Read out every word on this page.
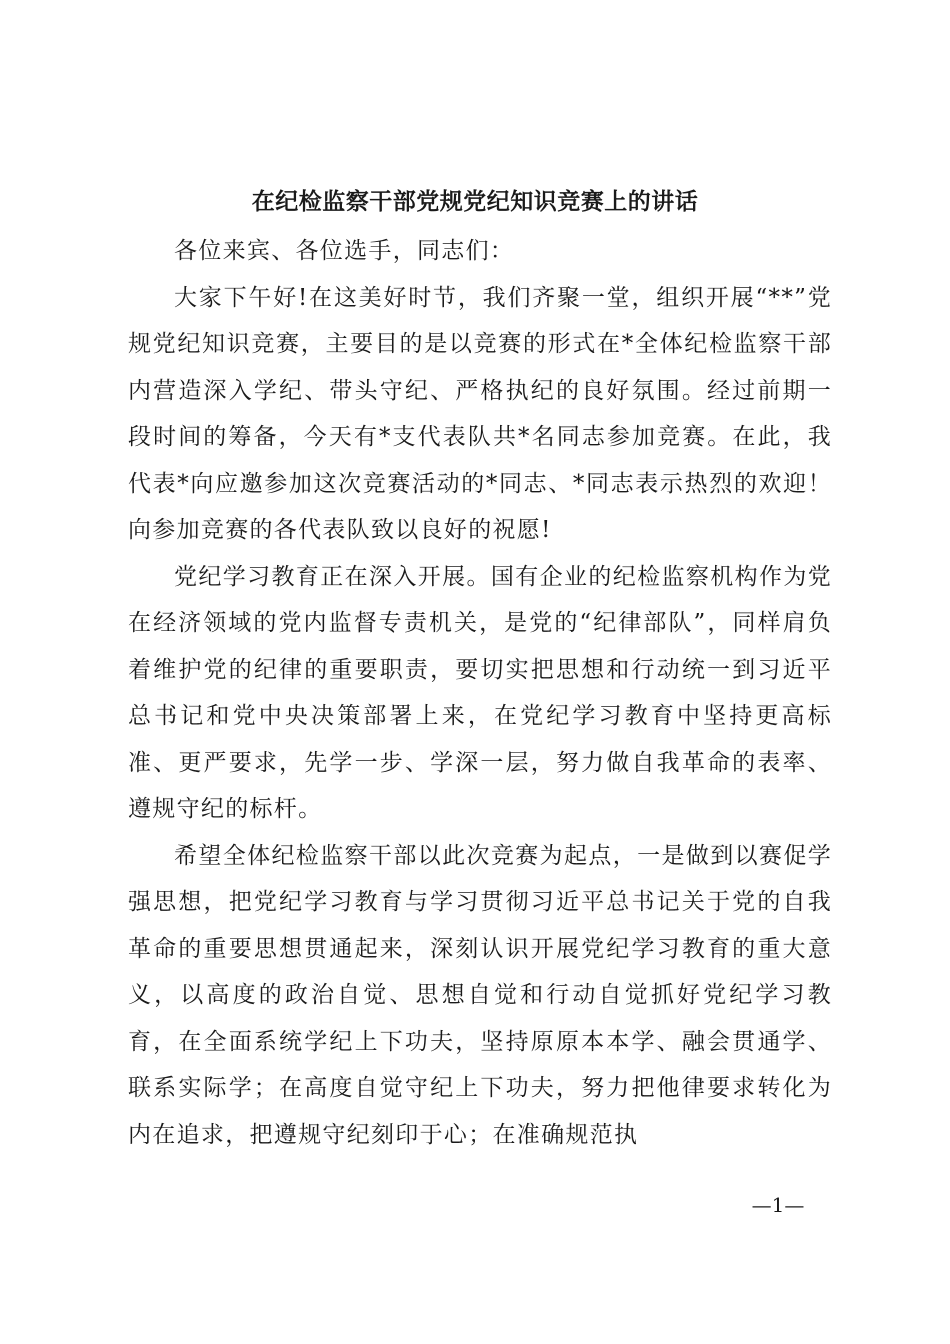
在纪检监察干部党规党纪知识竞赛上的讲话

各位来宾、各位选手，同志们：

大家下午好!在这美好时节，我们齐聚一堂，组织开展“**”党规党纪知识竞赛，主要目的是以竞赛的形式在*全体纪检监察干部内营造深入学纪、带头守纪、严格执纪的良好氛围。经过前期一段时间的筹备，今天有*支代表队共*名同志参加竞赛。在此，我代表*向应邀参加这次竞赛活动的*同志、*同志表示热烈的欢迎！向参加竞赛的各代表队致以良好的祝愿!

党纪学习教育正在深入开展。国有企业的纪检监察机构作为党在经济领域的党内监督专责机关，是党的“纪律部队”，同样肩负着维护党的纪律的重要职责，要切实把思想和行动统一到习近平总书记和党中央决策部署上来，在党纪学习教育中坚持更高标准、更严要求，先学一步、学深一层，努力做自我革命的表率、遵规守纪的标杆。

希望全体纪检监察干部以此次竞赛为起点，一是做到以赛促学强思想，把党纪学习教育与学习贯彻习近平总书记关于党的自我革命的重要思想贯通起来，深刻认识开展党纪学习教育的重大意义，以高度的政治自觉、思想自觉和行动自觉抓好党纪学习教育，在全面系统学纪上下功夫，坚持原原本本学、融会贯通学、联系实际学；在高度自觉守纪上下功夫，努力把他律要求转化为内在追求，把遵规守纪刻印于心；在准确规范执

—1—
